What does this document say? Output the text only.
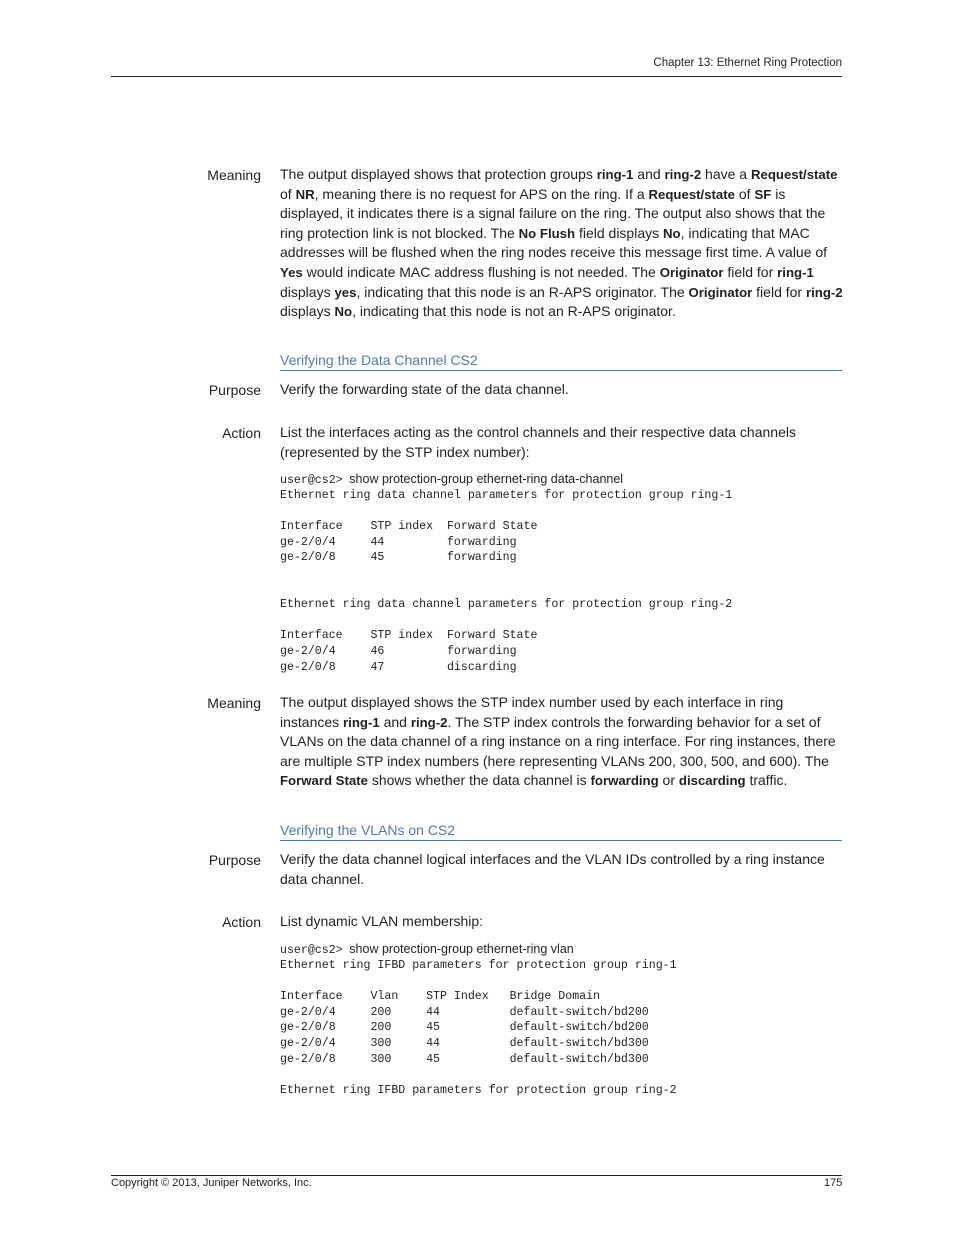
Chapter 13: Ethernet Ring Protection
Meaning The output displayed shows that protection groups ring-1 and ring-2 have a Request/state of NR, meaning there is no request for APS on the ring. If a Request/state of SF is displayed, it indicates there is a signal failure on the ring. The output also shows that the ring protection link is not blocked. The No Flush field displays No, indicating that MAC addresses will be flushed when the ring nodes receive this message first time. A value of Yes would indicate MAC address flushing is not needed. The Originator field for ring-1 displays yes, indicating that this node is an R-APS originator. The Originator field for ring-2 displays No, indicating that this node is not an R-APS originator.
Verifying the Data Channel CS2
Purpose Verify the forwarding state of the data channel.
Action List the interfaces acting as the control channels and their respective data channels (represented by the STP index number):
user@cs2> show protection-group ethernet-ring data-channel
Ethernet ring data channel parameters for protection group ring-1

Interface    STP index  Forward State
ge-2/0/4     44         forwarding
ge-2/0/8     45         forwarding

Ethernet ring data channel parameters for protection group ring-2

Interface    STP index  Forward State
ge-2/0/4     46         forwarding
ge-2/0/8     47         discarding
Meaning The output displayed shows the STP index number used by each interface in ring instances ring-1 and ring-2. The STP index controls the forwarding behavior for a set of VLANs on the data channel of a ring instance on a ring interface. For ring instances, there are multiple STP index numbers (here representing VLANs 200, 300, 500, and 600). The Forward State shows whether the data channel is forwarding or discarding traffic.
Verifying the VLANs on CS2
Purpose Verify the data channel logical interfaces and the VLAN IDs controlled by a ring instance data channel.
Action List dynamic VLAN membership:
user@cs2> show protection-group ethernet-ring vlan
Ethernet ring IFBD parameters for protection group ring-1

Interface    Vlan    STP Index   Bridge Domain
ge-2/0/4     200     44          default-switch/bd200
ge-2/0/8     200     45          default-switch/bd200
ge-2/0/4     300     44          default-switch/bd300
ge-2/0/8     300     45          default-switch/bd300

Ethernet ring IFBD parameters for protection group ring-2
Copyright © 2013, Juniper Networks, Inc.	175
